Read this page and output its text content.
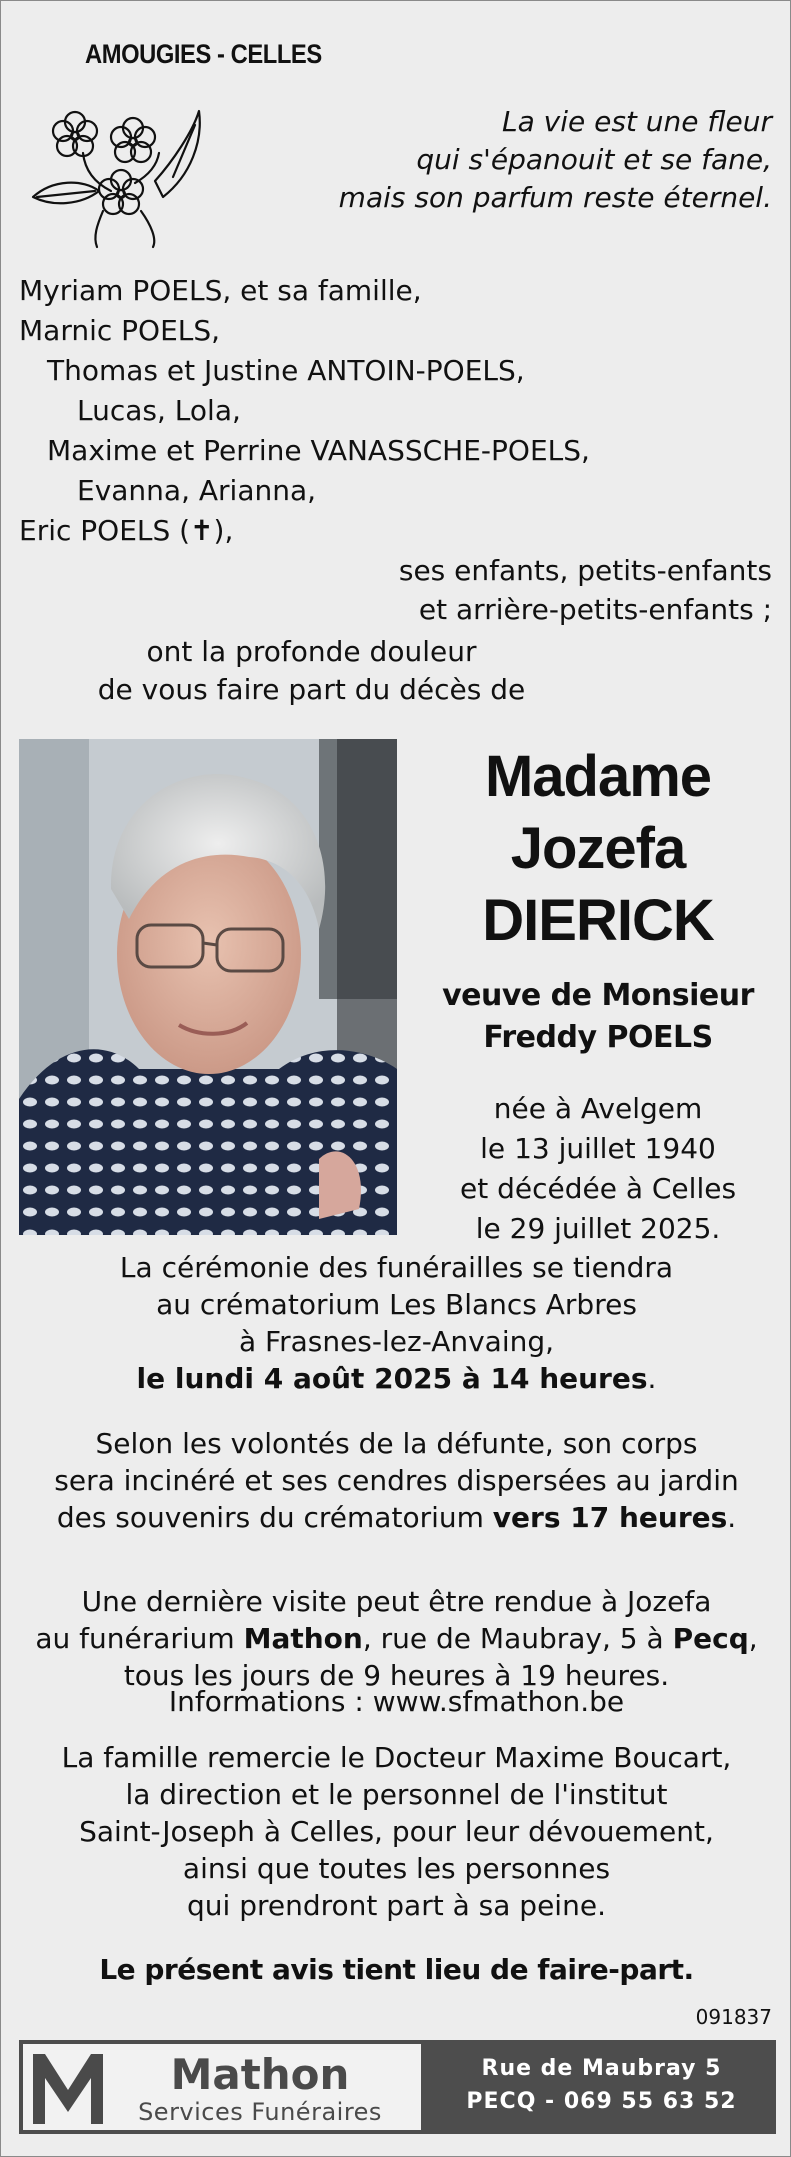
AMOUGIES - CELLES
La vie est une fleur
qui s'épanouit et se fane,
mais son parfum reste éternel.
Myriam POELS, et sa famille,
Marnic POELS,
Thomas et Justine ANTOIN-POELS,
Lucas, Lola,
Maxime et Perrine VANASSCHE-POELS,
Evanna, Arianna,
Eric POELS (✝),
ses enfants, petits-enfants
et arrière-petits-enfants ;
ont la profonde douleur
de vous faire part du décès de
Madame
Jozefa
DIERICK
veuve de Monsieur
Freddy POELS
née à Avelgem
le 13 juillet 1940
et décédée à Celles
le 29 juillet 2025.
La cérémonie des funérailles se tiendra
au crématorium Les Blancs Arbres
à Frasnes-lez-Anvaing,
le lundi 4 août 2025 à 14 heures.
Selon les volontés de la défunte, son corps
sera incinéré et ses cendres dispersées au jardin
des souvenirs du crématorium vers 17 heures.
Une dernière visite peut être rendue à Jozefa
au funérarium Mathon, rue de Maubray, 5 à Pecq,
tous les jours de 9 heures à 19 heures.
Informations : www.sfmathon.be
La famille remercie le Docteur Maxime Boucart,
la direction et le personnel de l'institut
Saint-Joseph à Celles, pour leur dévouement,
ainsi que toutes les personnes
qui prendront part à sa peine.
Le présent avis tient lieu de faire-part.
091837
Mathon
Services Funéraires
Rue de Maubray 5
PECQ - 069 55 63 52
